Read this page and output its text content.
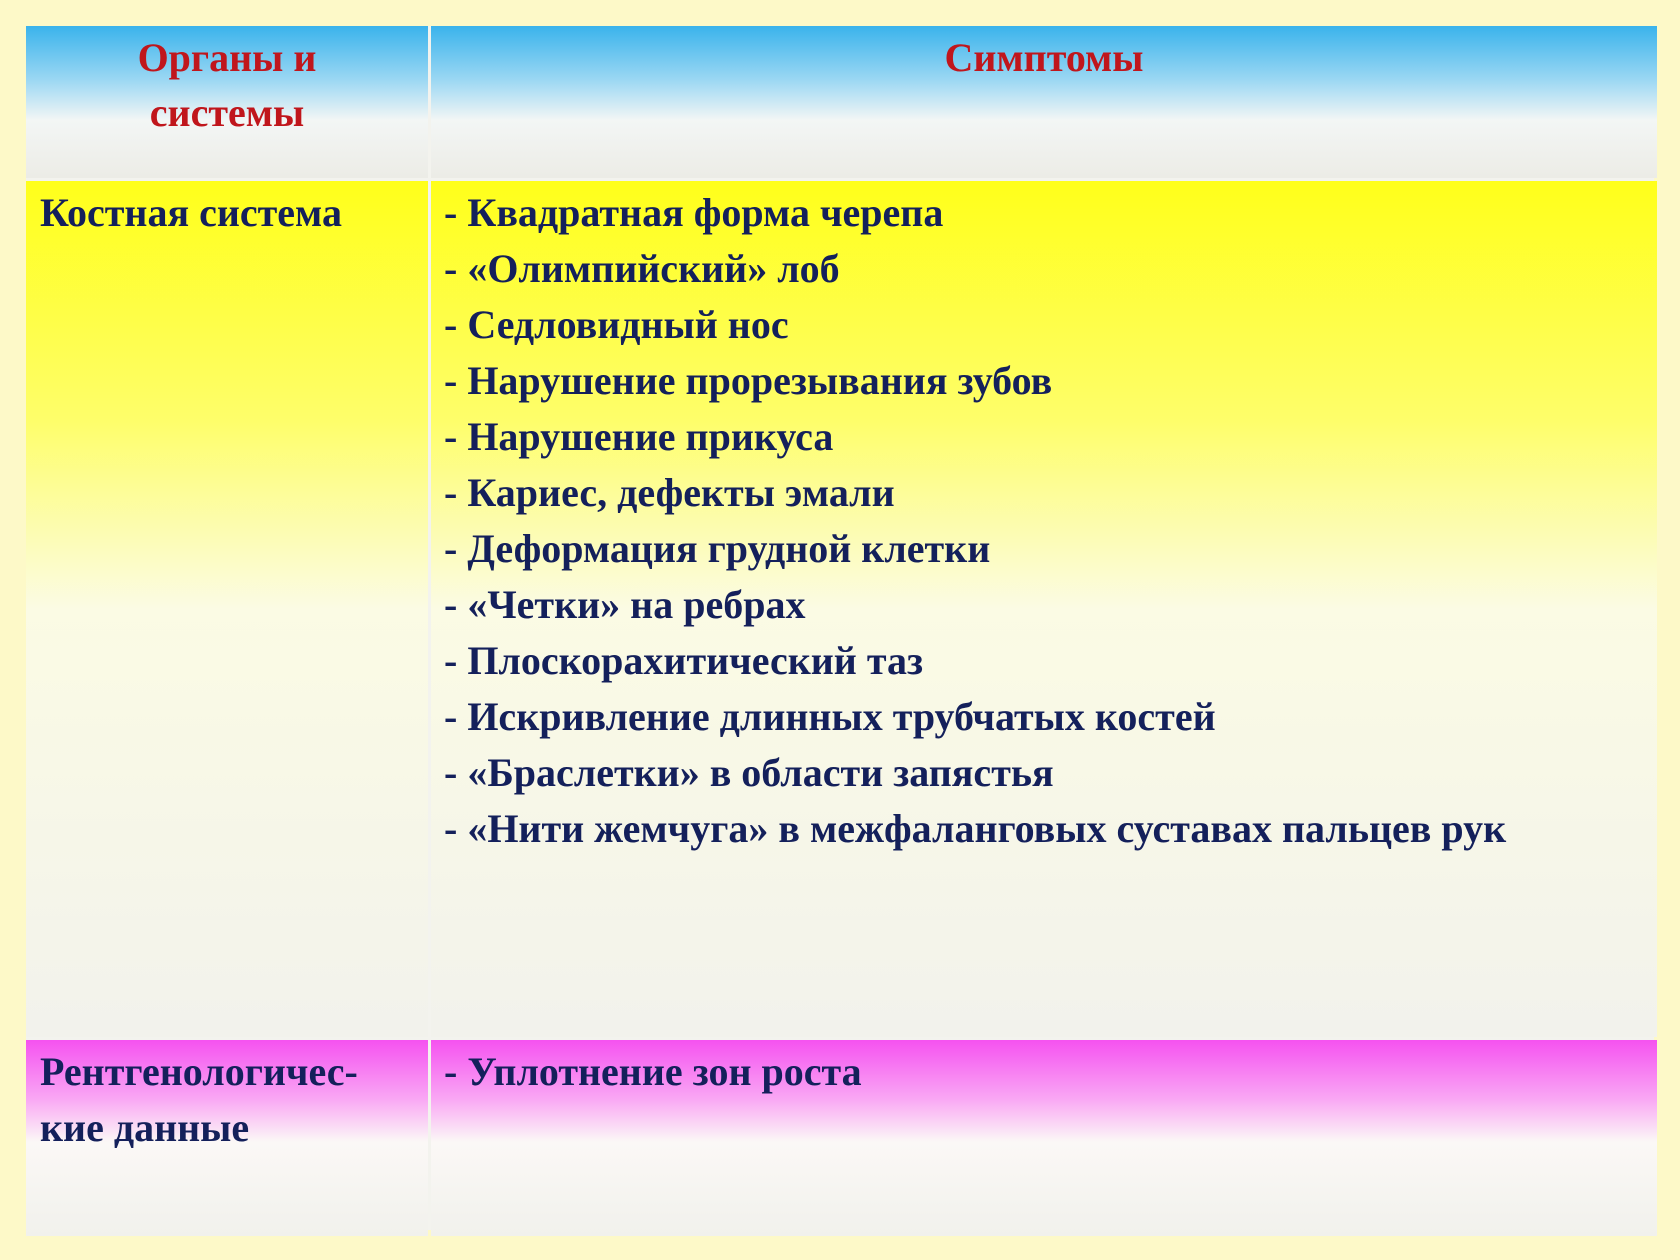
Органы и системы
Симптомы
Костная система	- Квадратная форма черепа
- «Олимпийский» лоб
- Седловидный нос
- Нарушение прорезывания зубов
- Нарушение прикуса
- Кариес, дефекты эмали
- Деформация грудной клетки
- «Четки» на ребрах
- Плоскорахитический таз
- Искривление длинных трубчатых костей
- «Браслетки» в области запястья
- «Нити жемчуга» в межфаланговых суставах пальцев рук
Рентгенологичес-кие данные
- Уплотнение зон роста
